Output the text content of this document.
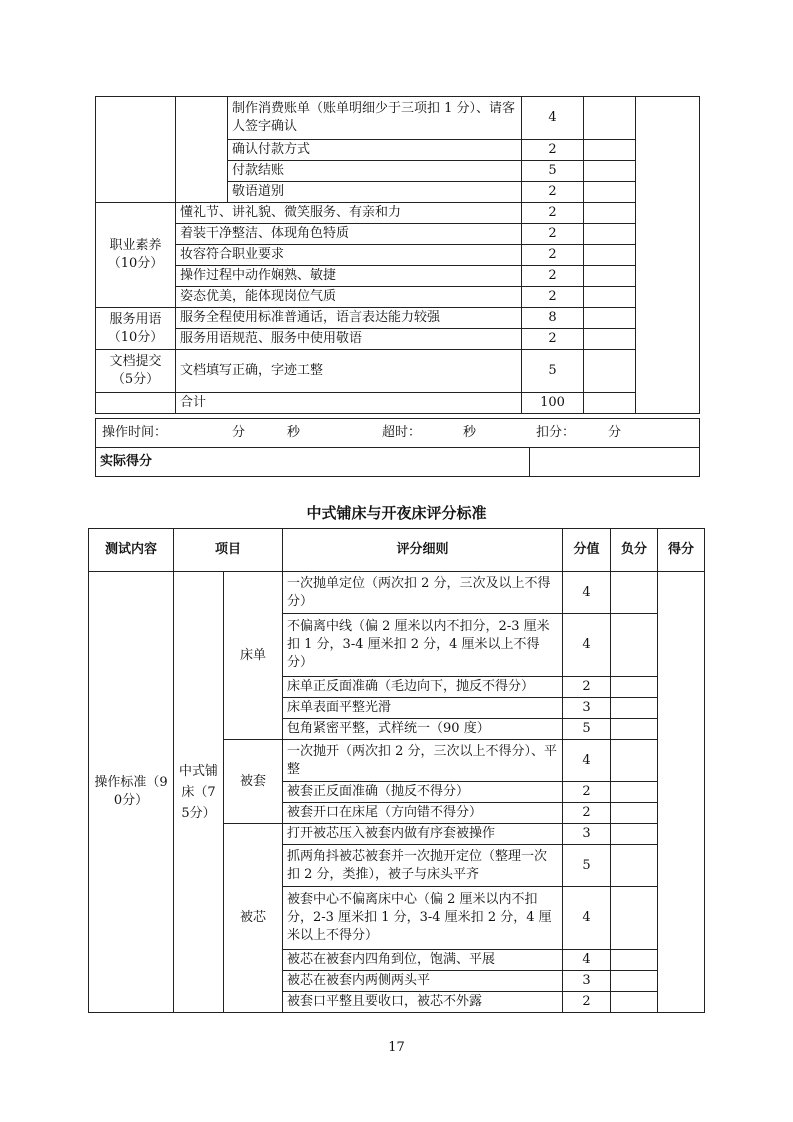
		制作消费账单（账单明细少于三项扣 1 分）、请客人签字确认	4		
		确认付款方式	2		
		付款结账	5		
		敬语道别	2		
职业素养（10分）	懂礼节、讲礼貌、微笑服务、有亲和力		2		
	着装干净整洁、体现角色特质		2		
	妆容符合职业要求		2		
	操作过程中动作娴熟、敏捷		2		
	姿态优美，能体现岗位气质		2		
服务用语（10分）	服务全程使用标准普通话，语言表达能力较强		8		
	服务用语规范、服务中使用敬语		2		
文档提交（5分）	文档填写正确，字迹工整		5		
	合计		100		
操作时间：	分	秒	超时：	秒	扣分：	分

实际得分	
中式铺床与开夜床评分标准
测试内容	项目		评分细则	分值	负分	得分
操作标准（90分）	中式铺床（75分）	床单	一次抛单定位（两次扣 2 分，三次及以上不得分）	4		
			不偏离中线（偏 2 厘米以内不扣分，2-3 厘米扣 1 分，3-4 厘米扣 2 分，4 厘米以上不得分）	4		
			床单正反面准确（毛边向下，抛反不得分）	2		
			床单表面平整光滑	3		
			包角紧密平整，式样统一（90 度）	5		
		被套	一次抛开（两次扣 2 分，三次以上不得分）、平整	4		
			被套正反面准确（抛反不得分）	2		
			被套开口在床尾（方向错不得分）	2		
		被芯	打开被芯压入被套内做有序套被操作	3		
			抓两角抖被芯被套并一次抛开定位（整理一次扣 2 分，类推），被子与床头平齐	5		
			被套中心不偏离床中心（偏 2 厘米以内不扣分，2-3 厘米扣 1 分，3-4 厘米扣 2 分，4 厘米以上不得分）	4		
			被芯在被套内四角到位，饱满、平展	4		
			被芯在被套内两侧两头平	3		
			被套口平整且要收口，被芯不外露	2		
17
